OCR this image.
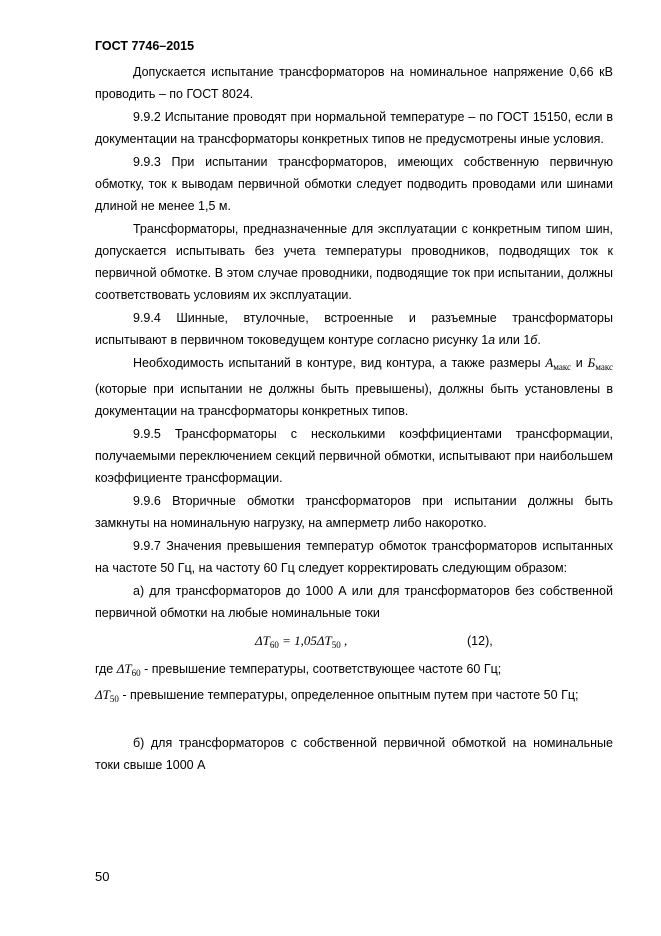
ГОСТ 7746–2015

Допускается испытание трансформаторов на номинальное напряжение 0,66 кВ проводить – по ГОСТ 8024.

9.9.2 Испытание проводят при нормальной температуре – по ГОСТ 15150, если в документации на трансформаторы конкретных типов не предусмотрены иные условия.

9.9.3 При испытании трансформаторов, имеющих собственную первичную обмотку, ток к выводам первичной обмотки следует подводить проводами или шинами длиной не менее 1,5 м.

Трансформаторы, предназначенные для эксплуатации с конкретным типом шин, допускается испытывать без учета температуры проводников, подводящих ток к первичной обмотке. В этом случае проводники, подводящие ток при испытании, должны соответствовать условиям их эксплуатации.

9.9.4 Шинные, втулочные, встроенные и разъемные трансформаторы испытывают в первичном токоведущем контуре согласно рисунку 1а или 1б.

Необходимость испытаний в контуре, вид контура, а также размеры $A_{макс}$ и $Б_{макс}$ (которые при испытании не должны быть превышены), должны быть установлены в документации на трансформаторы конкретных типов.

9.9.5 Трансформаторы с несколькими коэффициентами трансформации, получаемыми переключением секций первичной обмотки, испытывают при наибольшем коэффициенте трансформации.

9.9.6 Вторичные обмотки трансформаторов при испытании должны быть замкнуты на номинальную нагрузку, на амперметр либо накоротко.

9.9.7 Значения превышения температур обмоток трансформаторов испытанных на частоте 50 Гц, на частоту 60 Гц следует корректировать следующим образом:

а) для трансформаторов до 1000 А или для трансформаторов без собственной первичной обмотки на любые номинальные токи

$\Delta T_{60} = 1,05\Delta T_{50}$ ,	(12),

где $\Delta T_{60}$ - превышение температуры, соответствующее частоте 60 Гц;

$\Delta T_{50}$ - превышение температуры, определенное опытным путем при частоте 50 Гц;

б) для трансформаторов с собственной первичной обмоткой на номинальные токи свыше 1000 А

50
